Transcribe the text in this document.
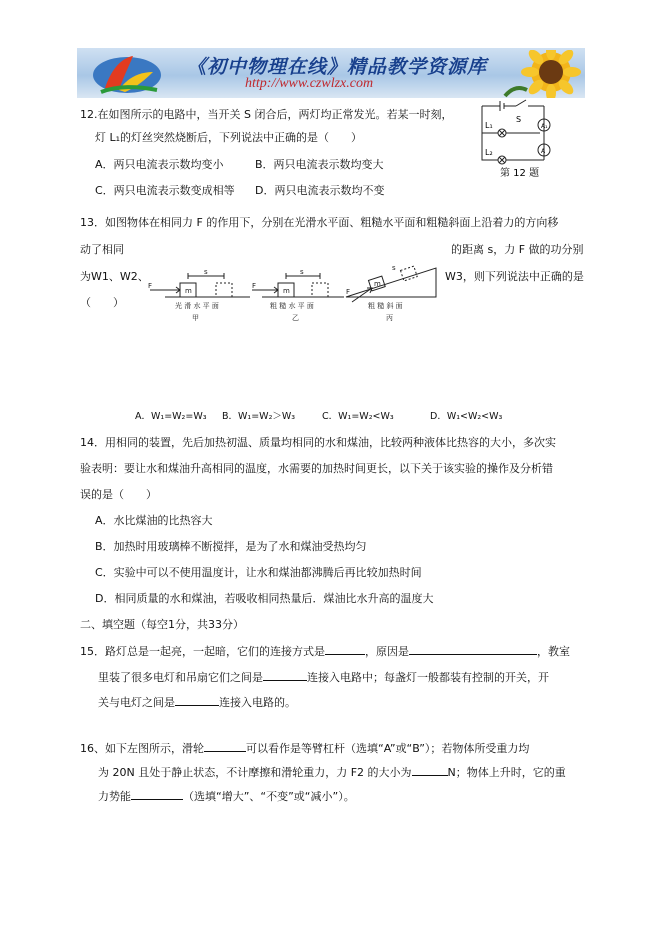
《初中物理在线》精品教学资源库
http://www.czwlzx.com
12.在如图所示的电路中，当开关 S 闭合后，两灯均正常发光。若某一时刻，
灯 L₁的灯丝突然烧断后，下列说法中正确的是（　　）
A．两只电流表示数均变小	B．两只电流表示数均变大
C．两只电流表示数变成相等 D．两只电流表示数均不变
S
L₁
L₂
A₁
A
第 12 题
13．如图物体在相同力 F 的作用下，分别在光滑水平面、粗糙水平面和粗糙斜面上沿着力的方向移
动了相同	的距离 s，力 F 做的功分别
为W1、W2、	W3，则下列说法中正确的是
（　　）
F
s
m
光 滑 水 平 面
甲
F
s
m
粗 糙 水 平 面
乙
F
s
m
粗 糙 斜 面
丙
A．W₁=W₂=W₃ B．W₁=W₂＞W₃	C．W₁=W₂<W₃	D．W₁<W₂<W₃
14．用相同的装置，先后加热初温、质量均相同的水和煤油，比较两种液体比热容的大小，多次实
验表明：要让水和煤油升高相同的温度，水需要的加热时间更长，以下关于该实验的操作及分析错
误的是（　　）
A．水比煤油的比热容大
B．加热时用玻璃棒不断搅拌，是为了水和煤油受热均匀
C．实验中可以不使用温度计，让水和煤油都沸腾后再比较加热时间
D．相同质量的水和煤油，若吸收相同热量后．煤油比水升高的温度大
二、填空题（每空1分，共33分）
15．路灯总是一起亮，一起暗，它们的连接方式是	，原因是	，教室
里装了很多电灯和吊扇它们之间是	连接入电路中；每盏灯一般都装有控制的开关，开
关与电灯之间是	连接入电路的。
16、如下左图所示，滑轮	可以看作是等臂杠杆（选填“A”或“B”）；若物体所受重力均
为 20N 且处于静止状态，不计摩擦和滑轮重力，力 F2 的大小为	N；物体上升时，它的重
力势能	（选填“增大”、“不变”或“减小”）。
